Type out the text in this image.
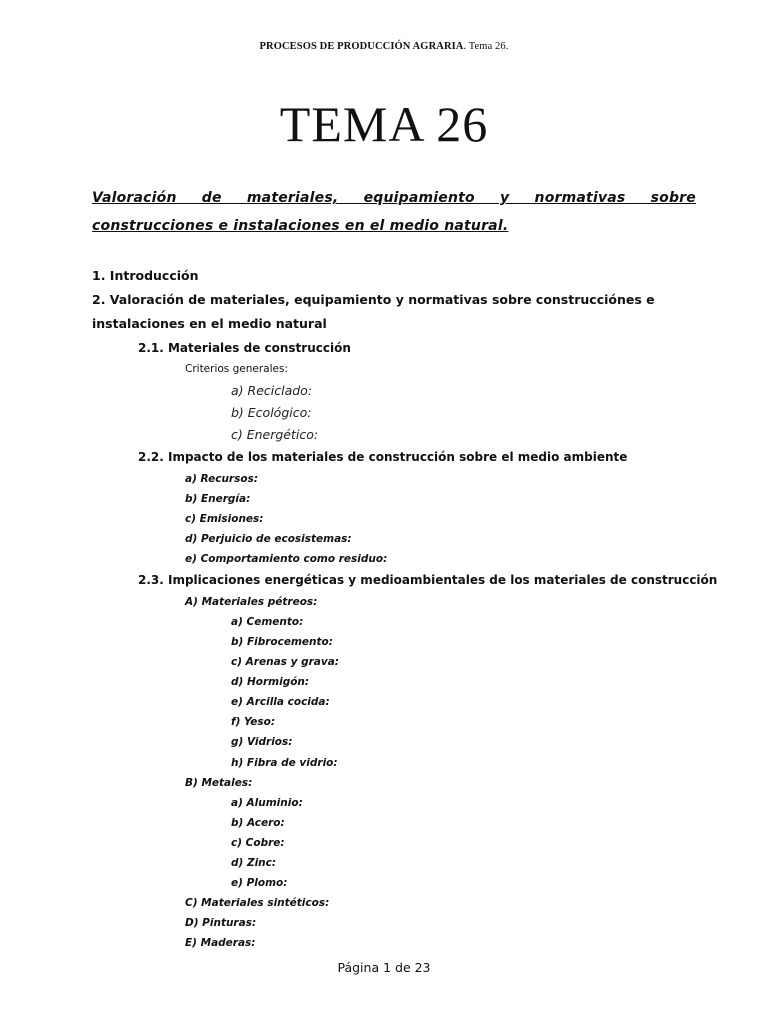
PROCESOS DE PRODUCCIÓN AGRARIA. Tema 26.
TEMA 26
Valoración de materiales, equipamiento y normativas sobre construcciones e instalaciones en el medio natural.
1. Introducción
2. Valoración de materiales, equipamiento y normativas sobre construcciónes e
instalaciones en el medio natural
2.1. Materiales de construcción
Criterios generales:
a) Reciclado:
b) Ecológico:
c) Energético:
2.2. Impacto de los materiales de construcción sobre el medio ambiente
a) Recursos:
b) Energía:
c) Emisiones:
d) Perjuicio de ecosistemas:
e) Comportamiento como residuo:
2.3. Implicaciones energéticas y medioambientales de los materiales de construcción
A) Materiales pétreos:
a) Cemento:
b) Fibrocemento:
c) Arenas y grava:
d) Hormigón:
e) Arcilla cocida:
f) Yeso:
g) Vidrios:
h) Fibra de vidrio:
B) Metales:
a) Aluminio:
b) Acero:
c) Cobre:
d) Zinc:
e) Plomo:
C) Materiales sintéticos:
D) Pinturas:
E) Maderas:
Página 1 de 23
